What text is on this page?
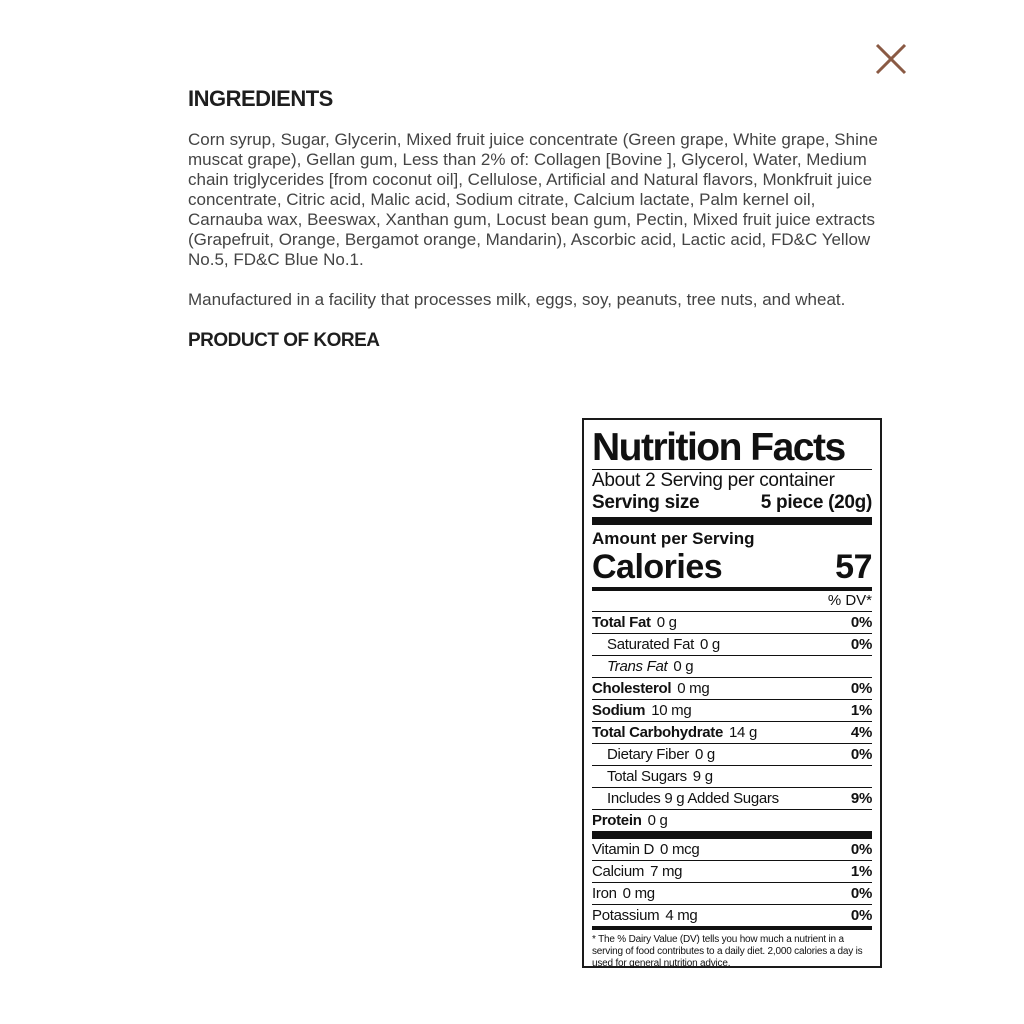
INGREDIENTS

Corn syrup, Sugar, Glycerin, Mixed fruit juice concentrate (Green grape, White grape, Shine muscat grape), Gellan gum, Less than 2% of: Collagen [Bovine ], Glycerol, Water, Medium chain triglycerides [from coconut oil], Cellulose, Artificial and Natural flavors, Monkfruit juice concentrate, Citric acid, Malic acid, Sodium citrate, Calcium lactate, Palm kernel oil, Carnauba wax, Beeswax, Xanthan gum, Locust bean gum, Pectin, Mixed fruit juice extracts (Grapefruit, Orange, Bergamot orange, Mandarin), Ascorbic acid, Lactic acid, FD&C Yellow No.5, FD&C Blue No.1.

Manufactured in a facility that processes milk, eggs, soy, peanuts, tree nuts, and wheat.

PRODUCT OF KOREA
Nutrition Facts
About 2 Serving per container
Serving size	5 piece (20g)
Amount per Serving
Calories	57
% DV*
Total Fat 0 g	0%
Saturated Fat 0 g	0%
Trans Fat 0 g
Cholesterol 0 mg	0%
Sodium 10 mg	1%
Total Carbohydrate 14 g	4%
Dietary Fiber 0 g	0%
Total Sugars 9 g
Includes 9 g Added Sugars	9%
Protein 0 g
Vitamin D 0 mcg	0%
Calcium 7 mg	1%
Iron 0 mg	0%
Potassium 4 mg	0%
* The % Dairy Value (DV) tells you how much a nutrient in a serving of food contributes to a daily diet. 2,000 calories a day is used for general nutrition advice.
